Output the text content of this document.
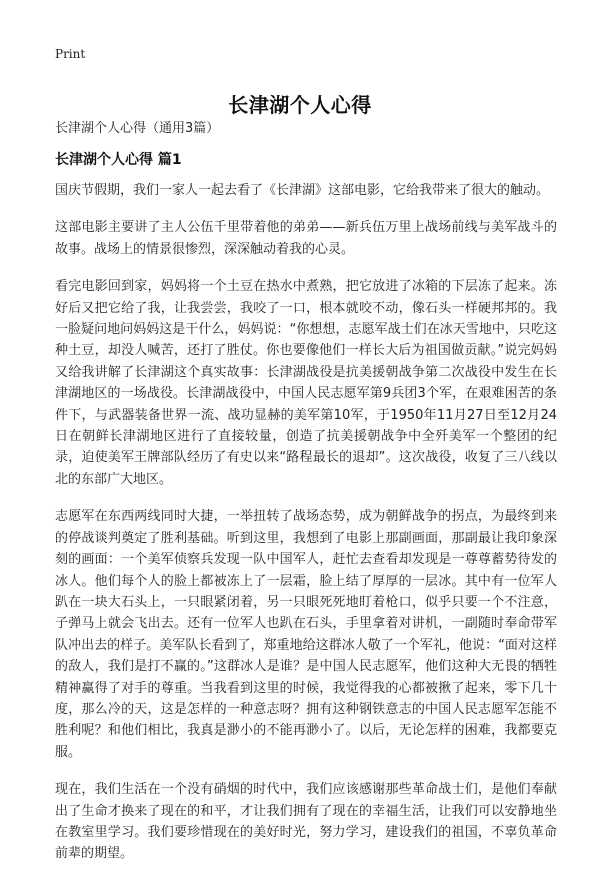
Print
长津湖个人心得
长津湖个人心得（通用3篇）
长津湖个人心得 篇1

国庆节假期，我们一家人一起去看了《长津湖》这部电影，它给我带来了很大的触动。

这部电影主要讲了主人公伍千里带着他的弟弟——新兵伍万里上战场前线与美军战斗的故事。战场上的情景很惨烈，深深触动着我的心灵。

看完电影回到家，妈妈将一个土豆在热水中煮熟，把它放进了冰箱的下层冻了起来。冻好后又把它给了我，让我尝尝，我咬了一口，根本就咬不动，像石头一样硬邦邦的。我一脸疑问地问妈妈这是干什么，妈妈说：“你想想，志愿军战士们在冰天雪地中，只吃这种土豆，却没人喊苦，还打了胜仗。你也要像他们一样长大后为祖国做贡献。”说完妈妈又给我讲解了长津湖这个真实故事：长津湖战役是抗美援朝战争第二次战役中发生在长津湖地区的一场战役。长津湖战役中，中国人民志愿军第9兵团3个军，在艰难困苦的条件下，与武器装备世界一流、战功显赫的美军第10军，于1950年11月27日至12月24日在朝鲜长津湖地区进行了直接较量，创造了抗美援朝战争中全歼美军一个整团的纪录，迫使美军王牌部队经历了有史以来“路程最长的退却”。这次战役，收复了三八线以北的东部广大地区。

志愿军在东西两线同时大捷，一举扭转了战场态势，成为朝鲜战争的拐点，为最终到来的停战谈判奠定了胜利基础。听到这里，我想到了电影上那副画面，那副最让我印象深刻的画面：一个美军侦察兵发现一队中国军人，赶忙去查看却发现是一尊尊蓄势待发的冰人。他们每个人的脸上都被冻上了一层霜，脸上结了厚厚的一层冰。其中有一位军人趴在一块大石头上，一只眼紧闭着，另一只眼死死地盯着枪口，似乎只要一个不注意，子弹马上就会飞出去。还有一位军人也趴在石头，手里拿着对讲机，一副随时奉命带军队冲出去的样子。美军队长看到了，郑重地给这群冰人敬了一个军礼，他说：“面对这样的敌人，我们是打不赢的。”这群冰人是谁？是中国人民志愿军，他们这种大无畏的牺牲精神赢得了对手的尊重。当我看到这里的时候，我觉得我的心都被揪了起来，零下几十度，那么冷的天，这是怎样的一种意志呀？拥有这种钢铁意志的中国人民志愿军怎能不胜利呢？和他们相比，我真是渺小的不能再渺小了。以后，无论怎样的困难，我都要克服。

现在，我们生活在一个没有硝烟的时代中，我们应该感谢那些革命战士们，是他们奉献出了生命才换来了现在的和平，才让我们拥有了现在的幸福生活，让我们可以安静地坐在教室里学习。我们要珍惜现在的美好时光，努力学习，建设我们的祖国，不辜负革命前辈的期望。
